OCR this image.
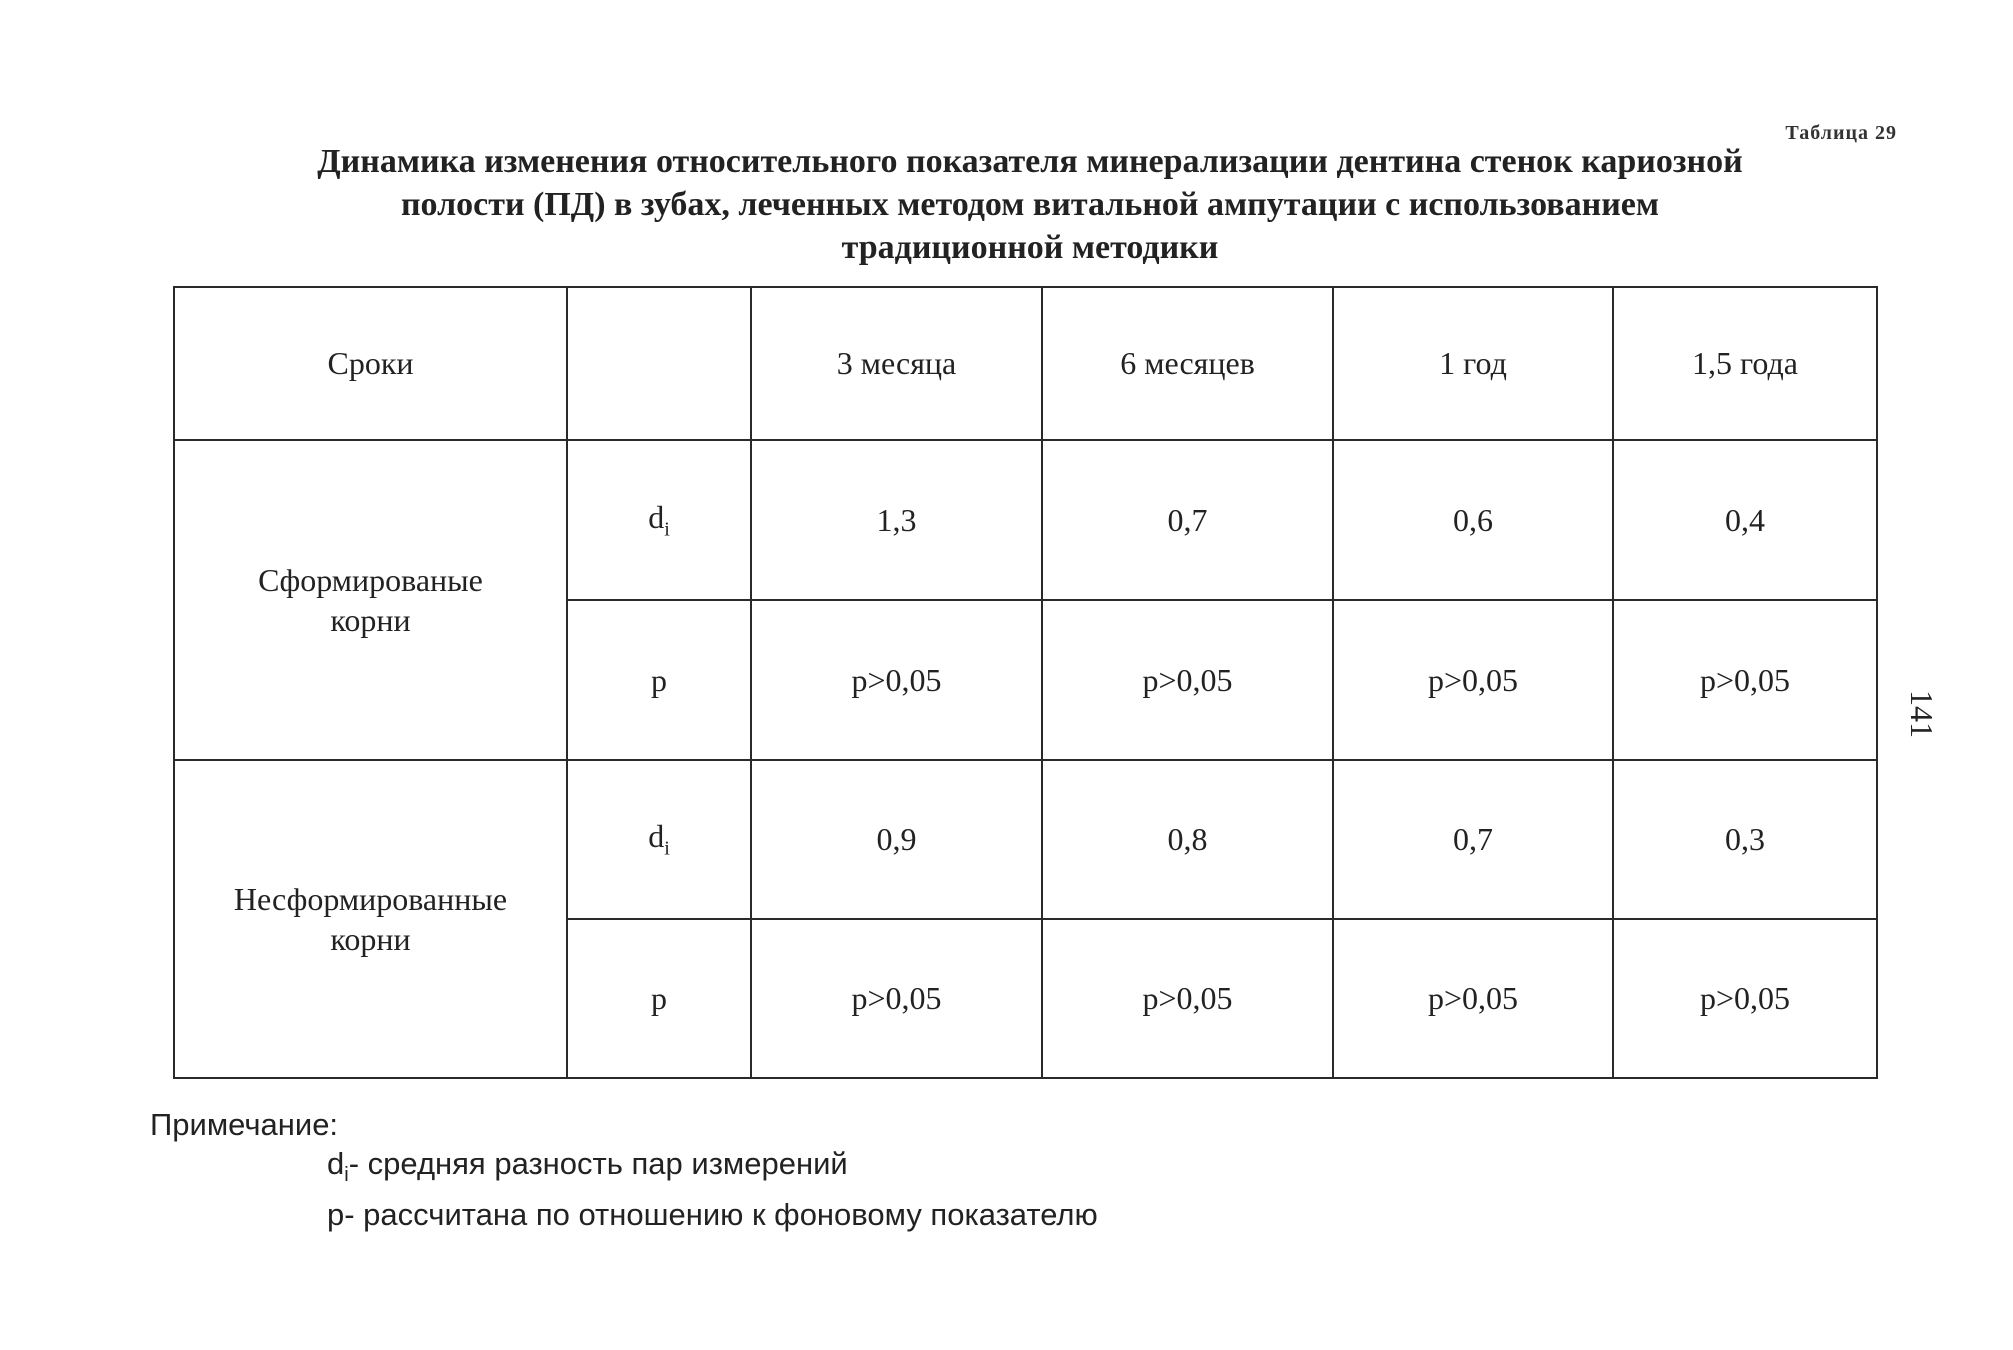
Таблица 29
Динамика изменения относительного показателя минерализации дентина стенок кариозной
полости (ПД) в зубах, леченных методом витальной ампутации с использованием
традиционной методики
Сроки		3 месяца	6 месяцев	1 год	1,5 года
Сформированые
корни	$d_i$	1,3	0,7	0,6	0,4
	р	p>0,05	p>0,05	p>0,05	p>0,05
Несформированные
корни	$d_i$	0,9	0,8	0,7	0,3
	р	p>0,05	p>0,05	p>0,05	p>0,05
Примечание:
$d_i-$ средняя разность пар измерений
р- рассчитана по отношению к фоновому показателю
141
